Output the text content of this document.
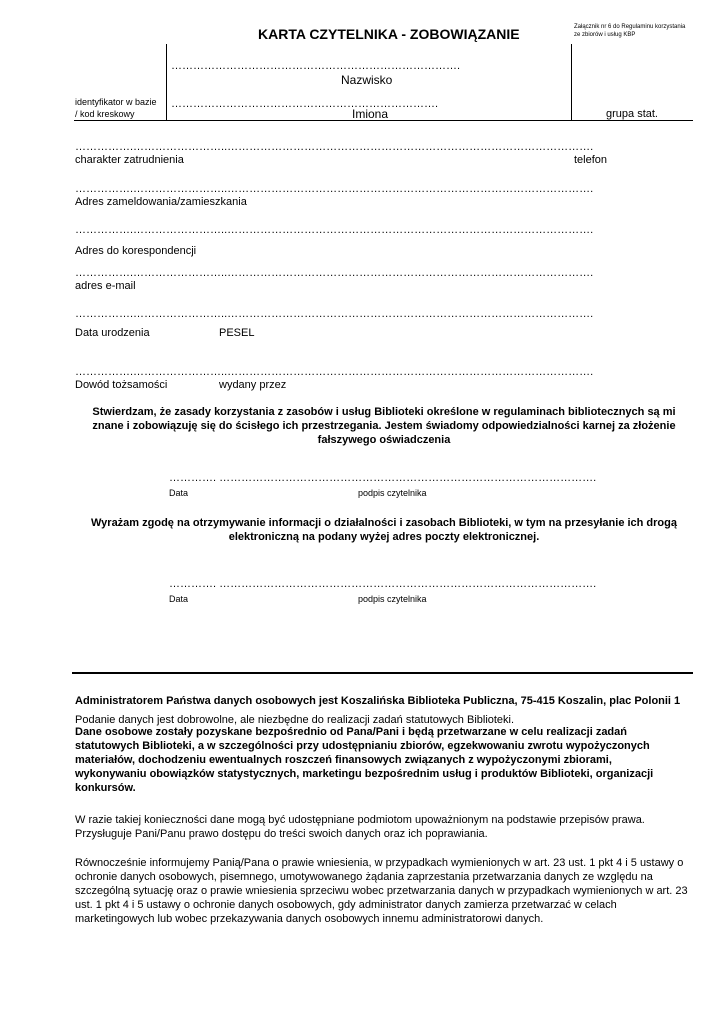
KARTA CZYTELNIKA - ZOBOWIĄZANIE	Załącznik nr 6 do Regulaminu korzystania
ze zbiorów i usług KBP
…………………………………………………………………….
Nazwisko
identyfikator w bazie
/ kod kreskowy
……………………………………………………………….
Imiona	grupa stat.
…………….……………………..……………………………………………………………………………………….
charakter zatrudnienia	telefon
…………….……………………..……………………………………………………………………………………….
Adres zameldowania/zamieszkania
…………….……………………..……………………………………………………………………………………….
Adres do korespondencji
…………….……………………..……………………………………………………………………………………….
adres e-mail
…………….……………………..……………………………………………………………………………………….
Data urodzenia	PESEL
…………….……………………..……………………………………………………………………………………….
Dowód tożsamości	wydany przez
Stwierdzam, że zasady korzystania z zasobów i usług Biblioteki określone w regulaminach bibliotecznych są mi znane i zobowiązuję się do ścisłego ich przestrzegania. Jestem świadomy odpowiedzialności karnej za złożenie fałszywego oświadczenia
…………. ………………………………………………………………………………………….
Data	podpis czytelnika
Wyrażam zgodę na otrzymywanie informacji o działalności i zasobach Biblioteki, w tym na przesyłanie ich drogą elektroniczną na podany wyżej adres poczty elektronicznej.
…………. ………………………………………………………………………………………….
Data	podpis czytelnika
Administratorem Państwa danych osobowych jest Koszalińska Biblioteka Publiczna, 75-415 Koszalin, plac Polonii 1
Podanie danych jest dobrowolne, ale niezbędne do realizacji zadań statutowych Biblioteki.
Dane osobowe zostały pozyskane bezpośrednio od Pana/Pani i będą przetwarzane w celu realizacji zadań statutowych Biblioteki, a w szczególności przy udostępnianiu zbiorów, egzekwowaniu zwrotu wypożyczonych materiałów, dochodzeniu ewentualnych roszczeń finansowych związanych z wypożyczonymi zbiorami, wykonywaniu obowiązków statystycznych, marketingu bezpośrednim usług i produktów Biblioteki, organizacji konkursów.
W razie takiej konieczności dane mogą być udostępniane podmiotom upoważnionym na podstawie przepisów prawa. Przysługuje Pani/Panu prawo dostępu do treści swoich danych oraz ich poprawiania.
Równocześnie informujemy Panią/Pana o prawie wniesienia, w przypadkach wymienionych w art. 23 ust. 1 pkt 4 i 5 ustawy o ochronie danych osobowych, pisemnego, umotywowanego żądania zaprzestania przetwarzania danych ze względu na szczególną sytuację oraz o prawie wniesienia sprzeciwu wobec przetwarzania danych w przypadkach wymienionych w art. 23 ust. 1 pkt 4 i 5 ustawy o ochronie danych osobowych, gdy administrator danych zamierza przetwarzać w celach marketingowych lub wobec przekazywania danych osobowych innemu administratorowi danych.
